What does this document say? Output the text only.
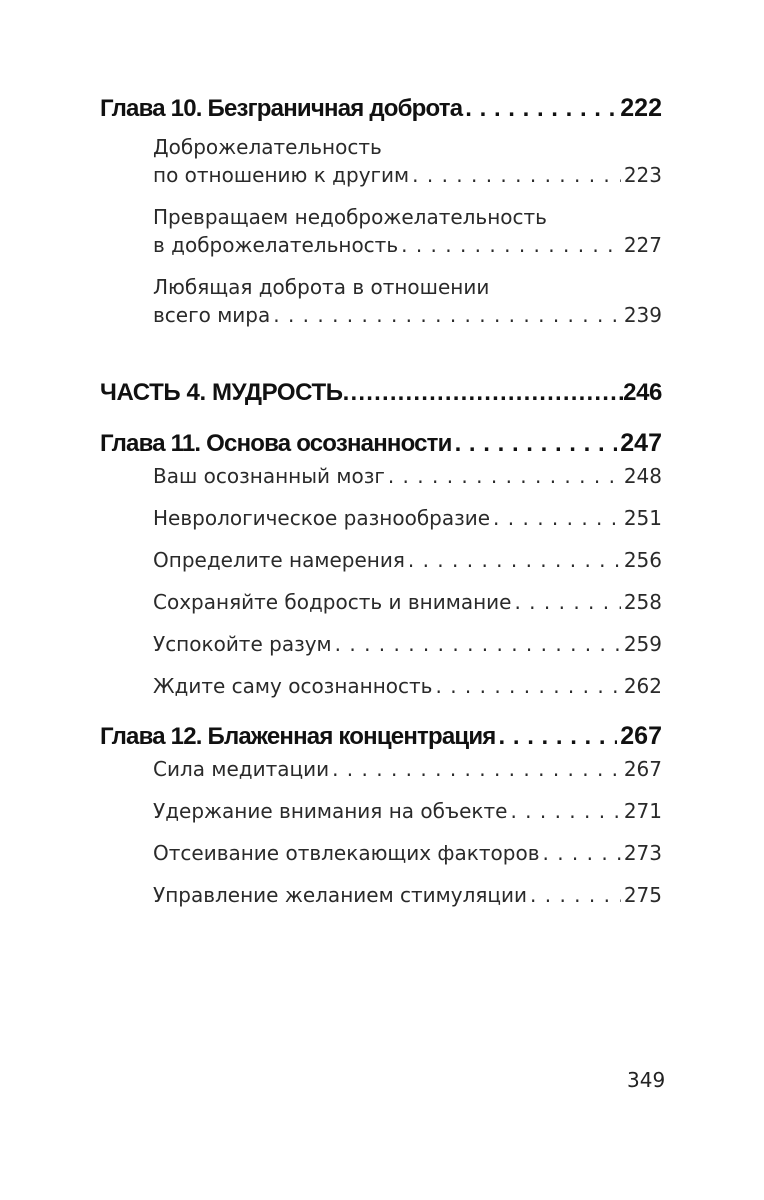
Глава 10. Безграничная доброта . . .	222
Доброжелательность
по отношению к другим . . .	223
Превращаем недоброжелательность
в доброжелательность . . .	227
Любящая доброта в отношении
всего мира . . .	239
ЧАСТЬ 4. МУДРОСТЬ .....	246
Глава 11. Основа осознанности . . .	247
Ваш осознанный мозг . . .	248
Неврологическое разнообразие . . .	251
Определите намерения . . .	256
Сохраняйте бодрость и внимание . . .	258
Успокойте разум . . .	259
Ждите саму осознанность . . .	262
Глава 12. Блаженная концентрация . . .	267
Сила медитации . . .	267
Удержание внимания на объекте . . .	271
Отсеивание отвлекающих факторов . . .	273
Управление желанием стимуляции . . .	275
349
